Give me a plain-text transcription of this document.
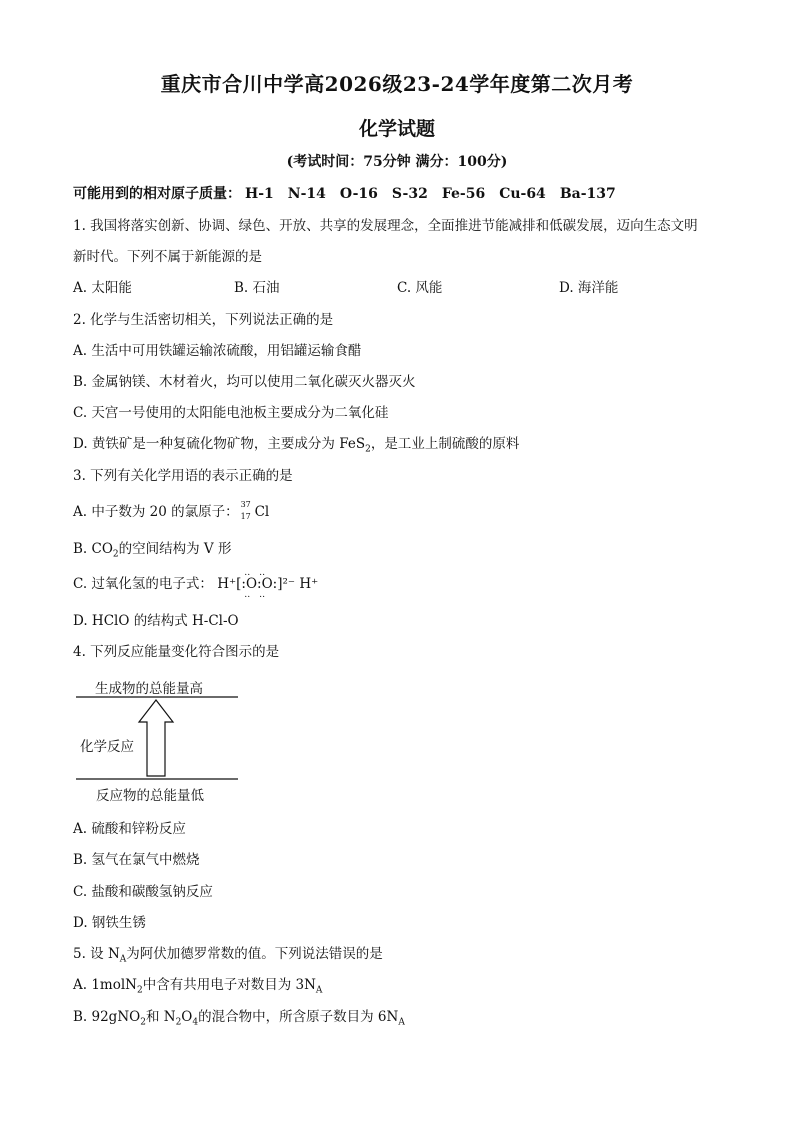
重庆市合川中学高2026级23-24学年度第二次月考
化学试题
(考试时间：75分钟 满分：100分)
可能用到的相对原子质量： H-1 N-14 O-16 S-32 Fe-56 Cu-64 Ba-137
1. 我国将落实创新、协调、绿色、开放、共享的发展理念，全面推进节能减排和低碳发展，迈向生态文明
新时代。下列不属于新能源的是
A. 太阳能	B. 石油	C. 风能	D. 海洋能
2. 化学与生活密切相关，下列说法正确的是
A. 生活中可用铁罐运输浓硫酸，用铝罐运输食醋
B. 金属钠镁、木材着火，均可以使用二氧化碳灭火器灭火
C. 天宫一号使用的太阳能电池板主要成分为二氧化硅
D. 黄铁矿是一种复硫化物矿物，主要成分为 FeS$_2$，是工业上制硫酸的原料
3. 下列有关化学用语的表示正确的是
A. 中子数为 20 的氯原子： 37
17 Cl
B. $CO_2$的空间结构为 V 形
C. 过氧化氢的电子式： H⁺[:O:O:]²⁻ H⁺
‥ ‥
‥ ‥
D. HClO 的结构式 H-Cl-O
4. 下列反应能量变化符合图示的是
生成物的总能量高
化学反应
反应物的总能量低
A. 硫酸和锌粉反应
B. 氢气在氯气中燃烧
C. 盐酸和碳酸氢钠反应
D. 钢铁生锈
5. 设 $N_A$为阿伏加德罗常数的值。下列说法错误的是
A. 1molN$_2$中含有共用电子对数目为 $3N_A$
B. 92gNO$_2$和 $N_2O_4$的混合物中，所含原子数目为 $6N_A$
